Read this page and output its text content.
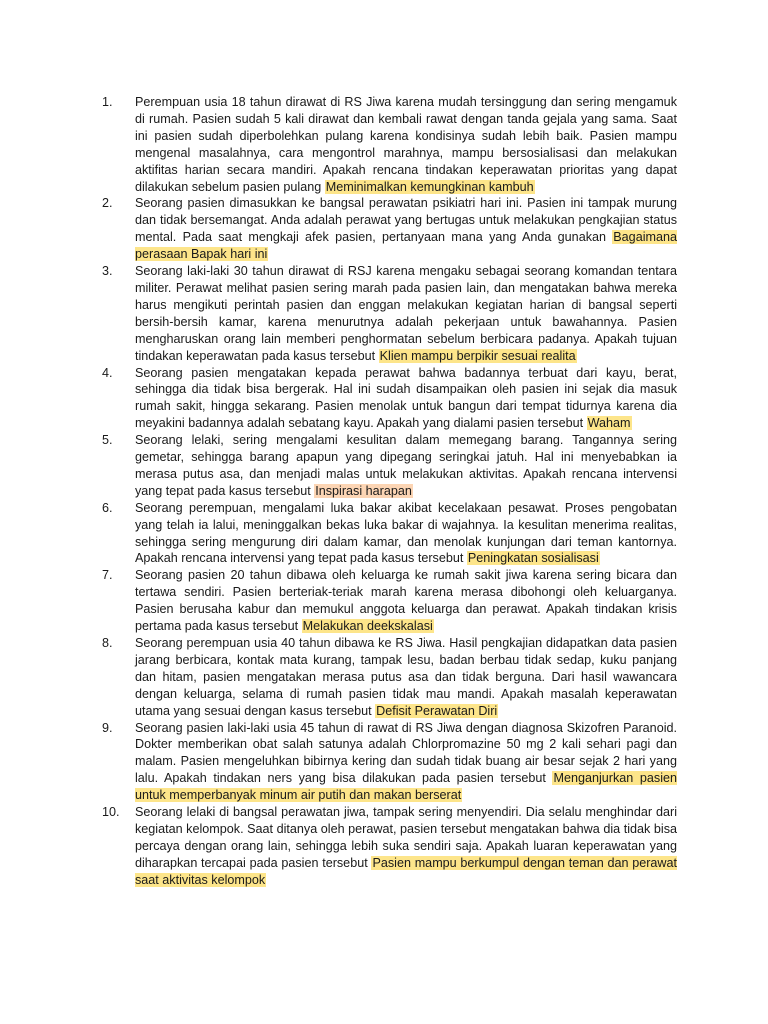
1.	Perempuan usia 18 tahun dirawat di RS Jiwa karena mudah tersinggung dan sering mengamuk di rumah. Pasien sudah 5 kali dirawat dan kembali rawat dengan tanda gejala yang sama. Saat ini pasien sudah diperbolehkan pulang karena kondisinya sudah lebih baik. Pasien mampu mengenal masalahnya, cara mengontrol marahnya, mampu bersosialisasi dan melakukan aktifitas harian secara mandiri. Apakah rencana tindakan keperawatan prioritas yang dapat dilakukan sebelum pasien pulang Meminimalkan kemungkinan kambuh
2.	Seorang pasien dimasukkan ke bangsal perawatan psikiatri hari ini. Pasien ini tampak murung dan tidak bersemangat. Anda adalah perawat yang bertugas untuk melakukan pengkajian status mental. Pada saat mengkaji afek pasien, pertanyaan mana yang Anda gunakan Bagaimana perasaan Bapak hari ini
3.	Seorang laki-laki 30 tahun dirawat di RSJ karena mengaku sebagai seorang komandan tentara militer. Perawat melihat pasien sering marah pada pasien lain, dan mengatakan bahwa mereka harus mengikuti perintah pasien dan enggan melakukan kegiatan harian di bangsal seperti bersih-bersih kamar, karena menurutnya adalah pekerjaan untuk bawahannya. Pasien mengharuskan orang lain memberi penghormatan sebelum berbicara padanya. Apakah tujuan tindakan keperawatan pada kasus tersebut Klien mampu berpikir sesuai realita
4.	Seorang pasien mengatakan kepada perawat bahwa badannya terbuat dari kayu, berat, sehingga dia tidak bisa bergerak. Hal ini sudah disampaikan oleh pasien ini sejak dia masuk rumah sakit, hingga sekarang. Pasien menolak untuk bangun dari tempat tidurnya karena dia meyakini badannya adalah sebatang kayu. Apakah yang dialami pasien tersebut Waham
5.	Seorang lelaki, sering mengalami kesulitan dalam memegang barang. Tangannya sering gemetar, sehingga barang apapun yang dipegang seringkai jatuh. Hal ini menyebabkan ia merasa putus asa, dan menjadi malas untuk melakukan aktivitas. Apakah rencana intervensi yang tepat pada kasus tersebut Inspirasi harapan
6.	Seorang perempuan, mengalami luka bakar akibat kecelakaan pesawat. Proses pengobatan yang telah ia lalui, meninggalkan bekas luka bakar di wajahnya. Ia kesulitan menerima realitas, sehingga sering mengurung diri dalam kamar, dan menolak kunjungan dari teman kantornya. Apakah rencana intervensi yang tepat pada kasus tersebut Peningkatan sosialisasi
7.	Seorang pasien 20 tahun dibawa oleh keluarga ke rumah sakit jiwa karena sering bicara dan tertawa sendiri. Pasien berteriak-teriak marah karena merasa dibohongi oleh keluarganya. Pasien berusaha kabur dan memukul anggota keluarga dan perawat. Apakah tindakan krisis pertama pada kasus tersebut Melakukan deekskalasi
8.	Seorang perempuan usia 40 tahun dibawa ke RS Jiwa. Hasil pengkajian didapatkan data pasien jarang berbicara, kontak mata kurang, tampak lesu, badan berbau tidak sedap, kuku panjang dan hitam, pasien mengatakan merasa putus asa dan tidak berguna. Dari hasil wawancara dengan keluarga, selama di rumah pasien tidak mau mandi. Apakah masalah keperawatan utama yang sesuai dengan kasus tersebut Defisit Perawatan Diri
9.	Seorang pasien laki-laki usia 45 tahun di rawat di RS Jiwa dengan diagnosa Skizofren Paranoid. Dokter memberikan obat salah satunya adalah Chlorpromazine 50 mg 2 kali sehari pagi dan malam. Pasien mengeluhkan bibirnya kering dan sudah tidak buang air besar sejak 2 hari yang lalu. Apakah tindakan ners yang bisa dilakukan pada pasien tersebut Menganjurkan pasien untuk memperbanyak minum air putih dan makan berserat
10.	Seorang lelaki di bangsal perawatan jiwa, tampak sering menyendiri. Dia selalu menghindar dari kegiatan kelompok. Saat ditanya oleh perawat, pasien tersebut mengatakan bahwa dia tidak bisa percaya dengan orang lain, sehingga lebih suka sendiri saja. Apakah luaran keperawatan yang diharapkan tercapai pada pasien tersebut Pasien mampu berkumpul dengan teman dan perawat saat aktivitas kelompok
